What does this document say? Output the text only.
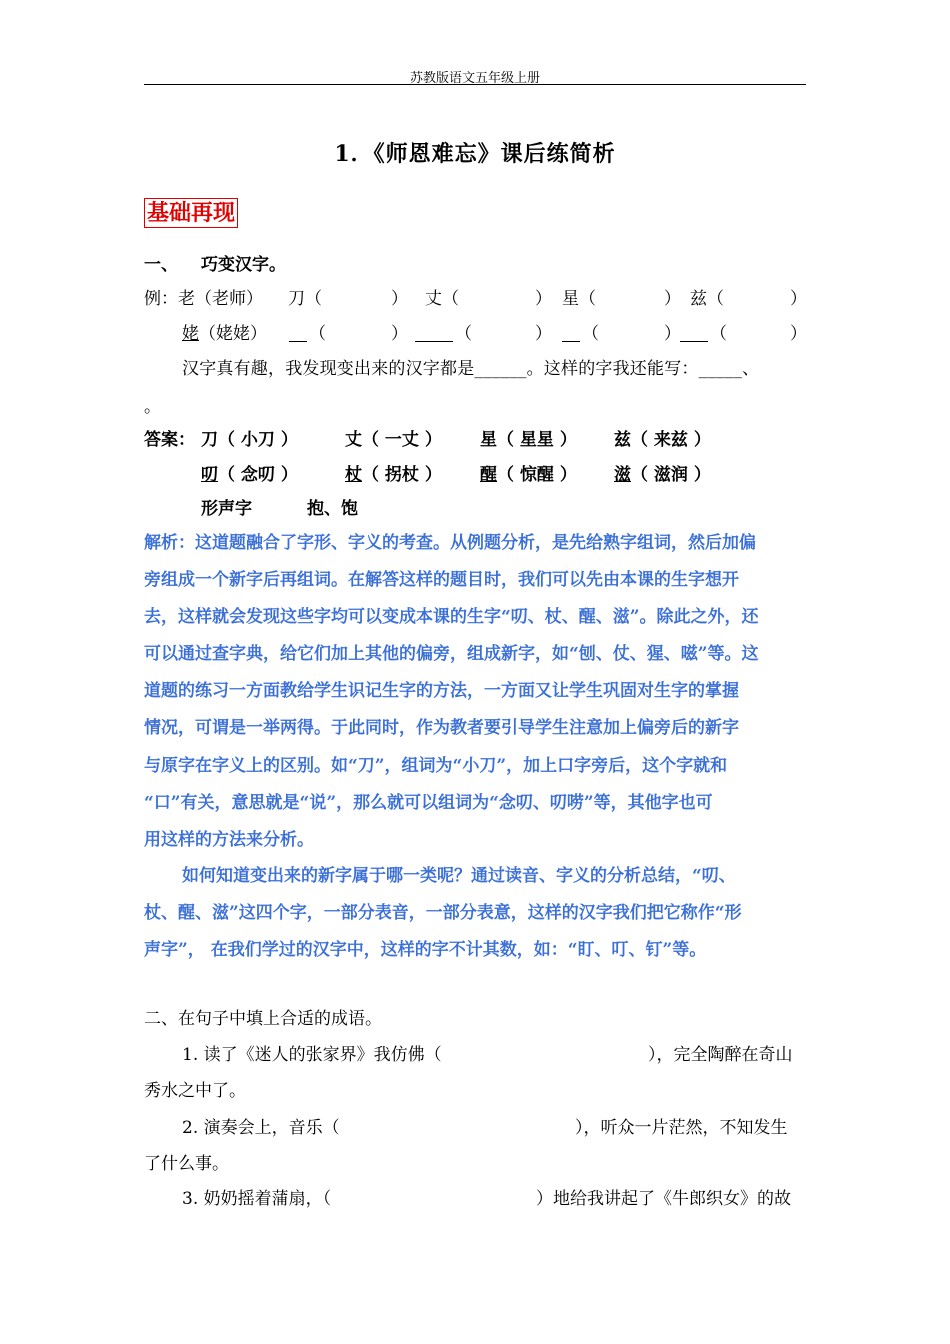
苏教版语文五年级上册
1．《师恩难忘》课后练简析
基础再现
一、 巧变汉字。
例：老（老师） 刀（	） 丈（	） 星（	） 兹（	）
姥（姥姥） （	）	（	） （	） （	）
汉字真有趣，我发现变出来的汉字都是______。这样的字我还能写：_____、
。
答案： 刀（ 小刀 ）	丈（ 一丈 ） 星（ 星星 ） 兹（ 来兹 ）
叨（ 念叨 ）	杖（ 拐杖 ） 醒（ 惊醒 ） 滋（ 滋润 ）
形声字	抱、饱
解析：这道题融合了字形、字义的考查。从例题分析，是先给熟字组词，然后加偏
旁组成一个新字后再组词。在解答这样的题目时，我们可以先由本课的生字想开
去，这样就会发现这些字均可以变成本课的生字“叨、杖、醒、滋”。除此之外，还
可以通过查字典，给它们加上其他的偏旁，组成新字，如“刨、仗、猩、嗞”等。这
道题的练习一方面教给学生识记生字的方法，一方面又让学生巩固对生字的掌握
情况，可谓是一举两得。于此同时，作为教者要引导学生注意加上偏旁后的新字
与原字在字义上的区别。如“刀”，组词为“小刀”，加上口字旁后，这个字就和
“口”有关，意思就是“说”，那么就可以组词为“念叨、叨唠”等，其他字也可
用这样的方法来分析。
如何知道变出来的新字属于哪一类呢？通过读音、字义的分析总结，“叨、
杖、醒、滋”这四个字，一部分表音，一部分表意，这样的汉字我们把它称作“形
声字”， 在我们学过的汉字中，这样的字不计其数，如：“盯、叮、钉”等。
二、在句子中填上合适的成语。
1. 读了《迷人的张家界》我仿佛（	），完全陶醉在奇山
秀水之中了。
2. 演奏会上，音乐（	），听众一片茫然，不知发生
了什么事。
3. 奶奶摇着蒲扇，（	）地给我讲起了《牛郎织女》的故
